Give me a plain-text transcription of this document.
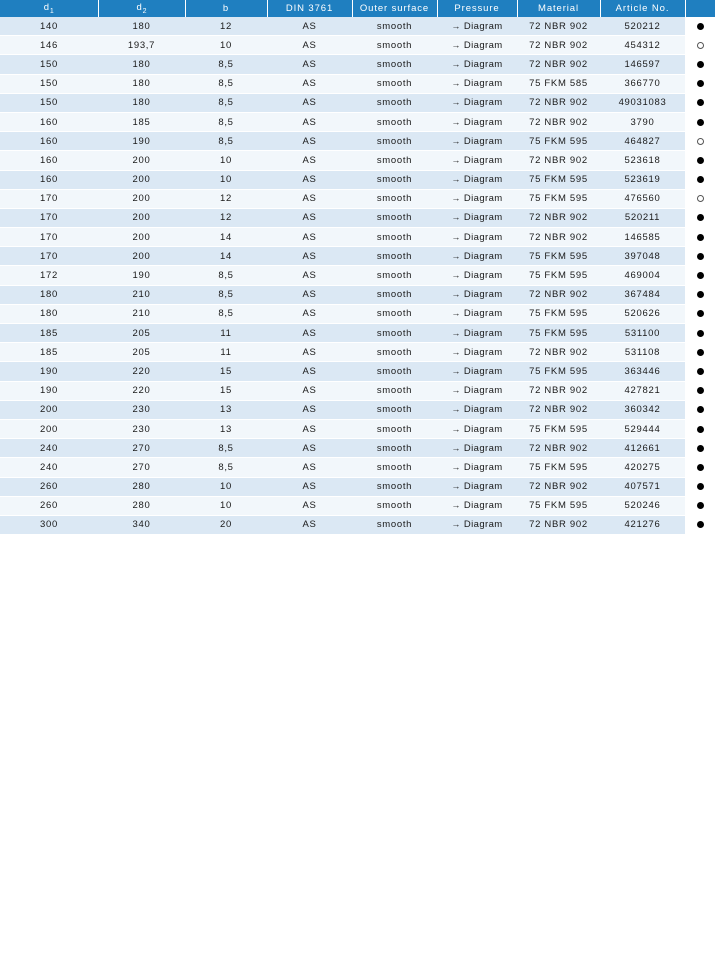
$d_1$	$d_2$	b	DIN 3761	Outer surface	Pressure	Material	Article No.	
140	180	12	AS	smooth	→ Diagram	72 NBR 902	520212	
146	193,7	10	AS	smooth	→ Diagram	72 NBR 902	454312	
150	180	8,5	AS	smooth	→ Diagram	72 NBR 902	146597	
150	180	8,5	AS	smooth	→ Diagram	75 FKM 585	366770	
150	180	8,5	AS	smooth	→ Diagram	72 NBR 902	49031083	
160	185	8,5	AS	smooth	→ Diagram	72 NBR 902	3790	
160	190	8,5	AS	smooth	→ Diagram	75 FKM 595	464827	
160	200	10	AS	smooth	→ Diagram	72 NBR 902	523618	
160	200	10	AS	smooth	→ Diagram	75 FKM 595	523619	
170	200	12	AS	smooth	→ Diagram	75 FKM 595	476560	
170	200	12	AS	smooth	→ Diagram	72 NBR 902	520211	
170	200	14	AS	smooth	→ Diagram	72 NBR 902	146585	
170	200	14	AS	smooth	→ Diagram	75 FKM 595	397048	
172	190	8,5	AS	smooth	→ Diagram	75 FKM 595	469004	
180	210	8,5	AS	smooth	→ Diagram	72 NBR 902	367484	
180	210	8,5	AS	smooth	→ Diagram	75 FKM 595	520626	
185	205	11	AS	smooth	→ Diagram	75 FKM 595	531100	
185	205	11	AS	smooth	→ Diagram	72 NBR 902	531108	
190	220	15	AS	smooth	→ Diagram	75 FKM 595	363446	
190	220	15	AS	smooth	→ Diagram	72 NBR 902	427821	
200	230	13	AS	smooth	→ Diagram	72 NBR 902	360342	
200	230	13	AS	smooth	→ Diagram	75 FKM 595	529444	
240	270	8,5	AS	smooth	→ Diagram	72 NBR 902	412661	
240	270	8,5	AS	smooth	→ Diagram	75 FKM 595	420275	
260	280	10	AS	smooth	→ Diagram	72 NBR 902	407571	
260	280	10	AS	smooth	→ Diagram	75 FKM 595	520246	
300	340	20	AS	smooth	→ Diagram	72 NBR 902	421276	
